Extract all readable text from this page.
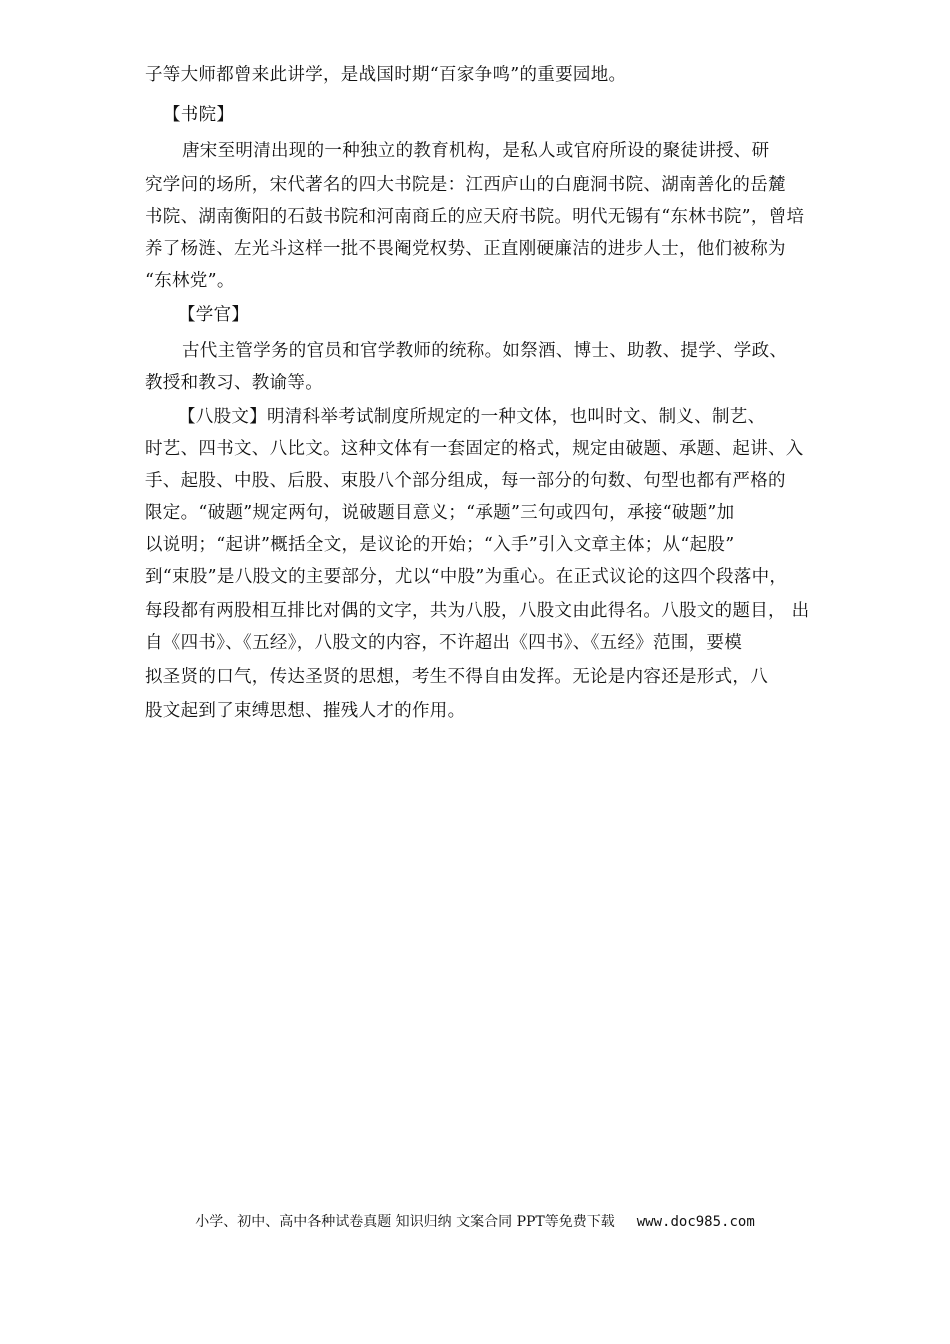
子等大师都曾来此讲学，是战国时期“百家争鸣”的重要园地。
【书院】
唐宋至明清出现的一种独立的教育机构，是私人或官府所设的聚徒讲授、研
究学问的场所，宋代著名的四大书院是：江西庐山的白鹿洞书院、湖南善化的岳麓
书院、湖南衡阳的石鼓书院和河南商丘的应天府书院。明代无锡有“东林书院”，曾培
养了杨涟、左光斗这样一批不畏阉党权势、正直刚硬廉洁的进步人士，他们被称为
“东林党”。
【学官】
古代主管学务的官员和官学教师的统称。如祭酒、博士、助教、提学、学政、
教授和教习、教谕等。
【八股文】明清科举考试制度所规定的一种文体，也叫时文、制义、制艺、
时艺、四书文、八比文。这种文体有一套固定的格式，规定由破题、承题、起讲、入
手、起股、中股、后股、束股八个部分组成，每一部分的句数、句型也都有严格的
限定。“破题”规定两句，说破题目意义；“承题”三句或四句，承接“破题”加
以说明；“起讲”概括全文，是议论的开始；“入手”引入文章主体；从“起股”
到“束股”是八股文的主要部分，尤以“中股”为重心。在正式议论的这四个段落中，
每段都有两股相互排比对偶的文字，共为八股，八股文由此得名。八股文的题目， 出
自《四书》、《五经》，八股文的内容，不许超出《四书》、《五经》范围，要模
拟圣贤的口气，传达圣贤的思想，考生不得自由发挥。无论是内容还是形式，八
股文起到了束缚思想、摧残人才的作用。
小学、初中、高中各种试卷真题 知识归纳 文案合同 PPT等免费下载 www.doc985.com
